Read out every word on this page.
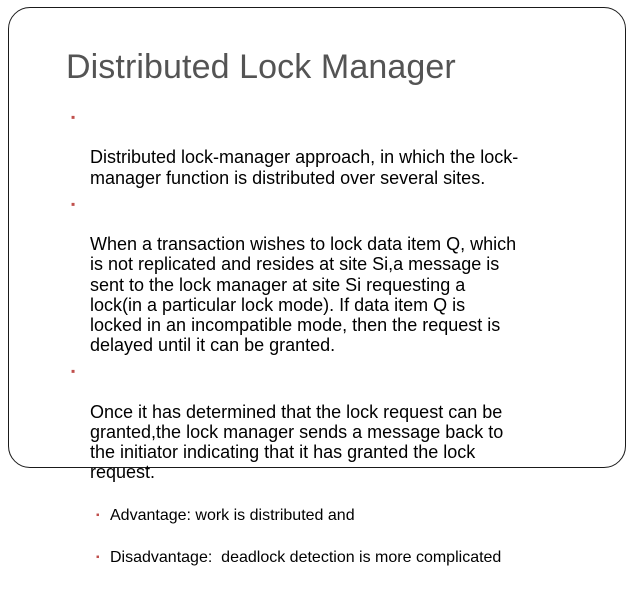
Distributed Lock Manager

▪

Distributed lock-manager approach, in which the lock-
manager function is distributed over several sites.

▪

When a transaction wishes to lock data item Q, which
is not replicated and resides at site Si,a message is
sent to the lock manager at site Si requesting a
lock(in a particular lock mode). If data item Q is
locked in an incompatible mode, then the request is
delayed until it can be granted.

▪

Once it has determined that the lock request can be
granted,the lock manager sends a message back to
the initiator indicating that it has granted the lock
request.

▪ Advantage: work is distributed and

▪ Disadvantage:  deadlock detection is more complicated
